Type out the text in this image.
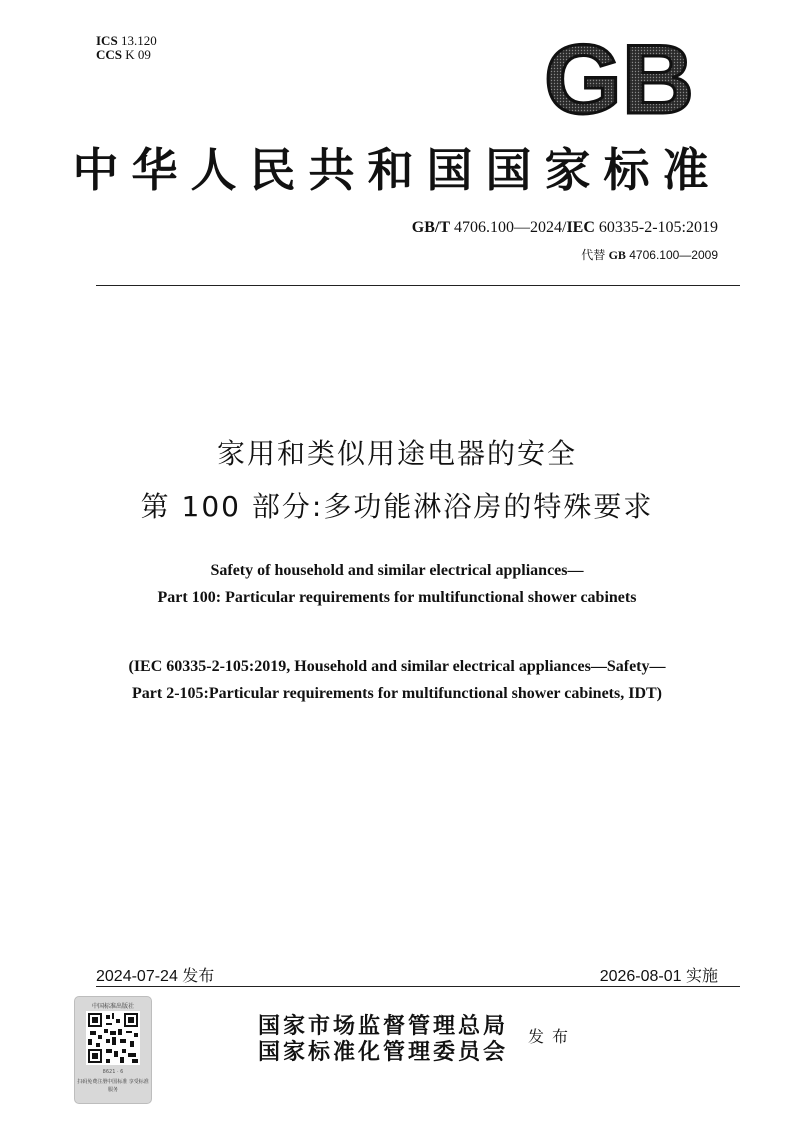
ICS 13.120
CCS K 09	GB
中华人民共和国国家标准
GB/T 4706.100—2024/IEC 60335-2-105:2019
代替 GB 4706.100—2009
家用和类似用途电器的安全
第 100 部分:多功能淋浴房的特殊要求
Safety of household and similar electrical appliances—
Part 100: Particular requirements for multifunctional shower cabinets
(IEC 60335-2-105:2019, Household and similar electrical appliances—Safety—
Part 2-105:Particular requirements for multifunctional shower cabinets, IDT)
2024-07-24 发布	2026-08-01 实施
中国标准出版社
8621 · 6
扫码免费注册中国标准 享受标准服务
国家市场监督管理总局
国家标准化管理委员会
发布
